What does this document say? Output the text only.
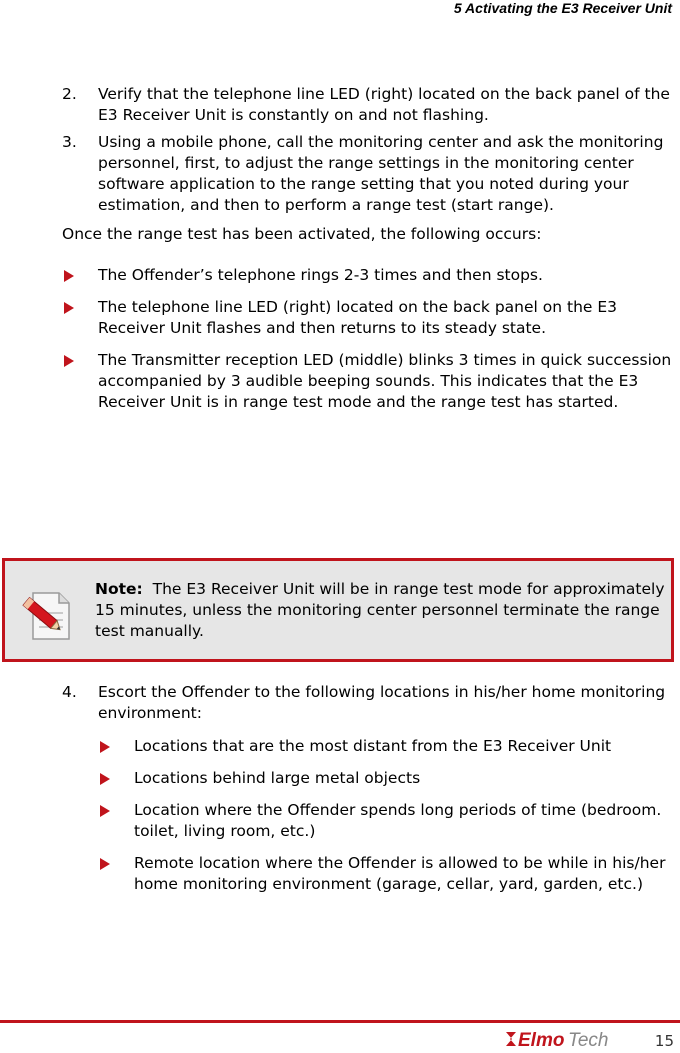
5 Activating the E3 Receiver Unit
2. Verify that the telephone line LED (right) located on the back panel of the E3 Receiver Unit is constantly on and not flashing.
3. Using a mobile phone, call the monitoring center and ask the monitoring personnel, first, to adjust the range settings in the monitoring center software application to the range setting that you noted during your estimation, and then to perform a range test (start range).
Once the range test has been activated, the following occurs:
The Offender’s telephone rings 2-3 times and then stops.
The telephone line LED (right) located on the back panel on the E3 Receiver Unit flashes and then returns to its steady state.
The Transmitter reception LED (middle) blinks 3 times in quick succession accompanied by 3 audible beeping sounds. This indicates that the E3 Receiver Unit is in range test mode and the range test has started.
Note: The E3 Receiver Unit will be in range test mode for approximately 15 minutes, unless the monitoring center personnel terminate the range test manually.
4. Escort the Offender to the following locations in his/her home monitoring environment:
Locations that are the most distant from the E3 Receiver Unit
Locations behind large metal objects
Location where the Offender spends long periods of time (bedroom. toilet, living room, etc.)
Remote location where the Offender is allowed to be while in his/her home monitoring environment (garage, cellar, yard, garden, etc.)
Elmo Tech	15
